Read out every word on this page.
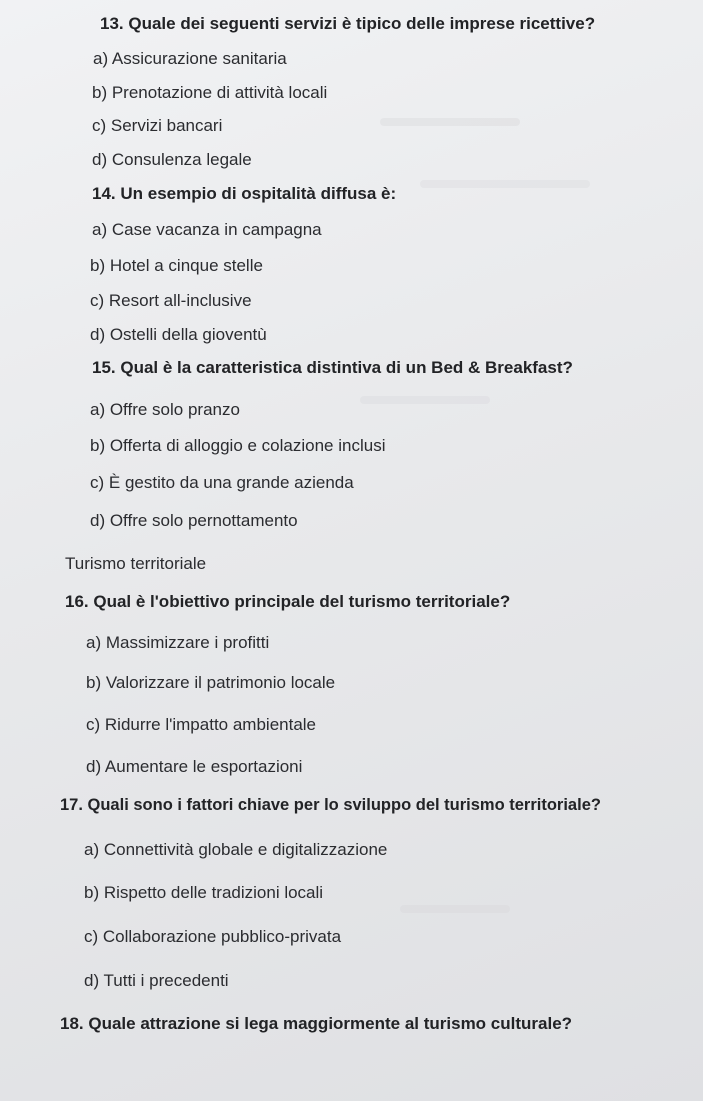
13. Quale dei seguenti servizi è tipico delle imprese ricettive?
a) Assicurazione sanitaria
b) Prenotazione di attività locali
c) Servizi bancari
d) Consulenza legale
14. Un esempio di ospitalità diffusa è:
a) Case vacanza in campagna
b) Hotel a cinque stelle
c) Resort all-inclusive
d) Ostelli della gioventù
15. Qual è la caratteristica distintiva di un Bed & Breakfast?
a) Offre solo pranzo
b) Offerta di alloggio e colazione inclusi
c) È gestito da una grande azienda
d) Offre solo pernottamento
Turismo territoriale
16. Qual è l'obiettivo principale del turismo territoriale?
a) Massimizzare i profitti
b) Valorizzare il patrimonio locale
c) Ridurre l'impatto ambientale
d) Aumentare le esportazioni
17. Quali sono i fattori chiave per lo sviluppo del turismo territoriale?
a) Connettività globale e digitalizzazione
b) Rispetto delle tradizioni locali
c) Collaborazione pubblico-privata
d) Tutti i precedenti
18. Quale attrazione si lega maggiormente al turismo culturale?
